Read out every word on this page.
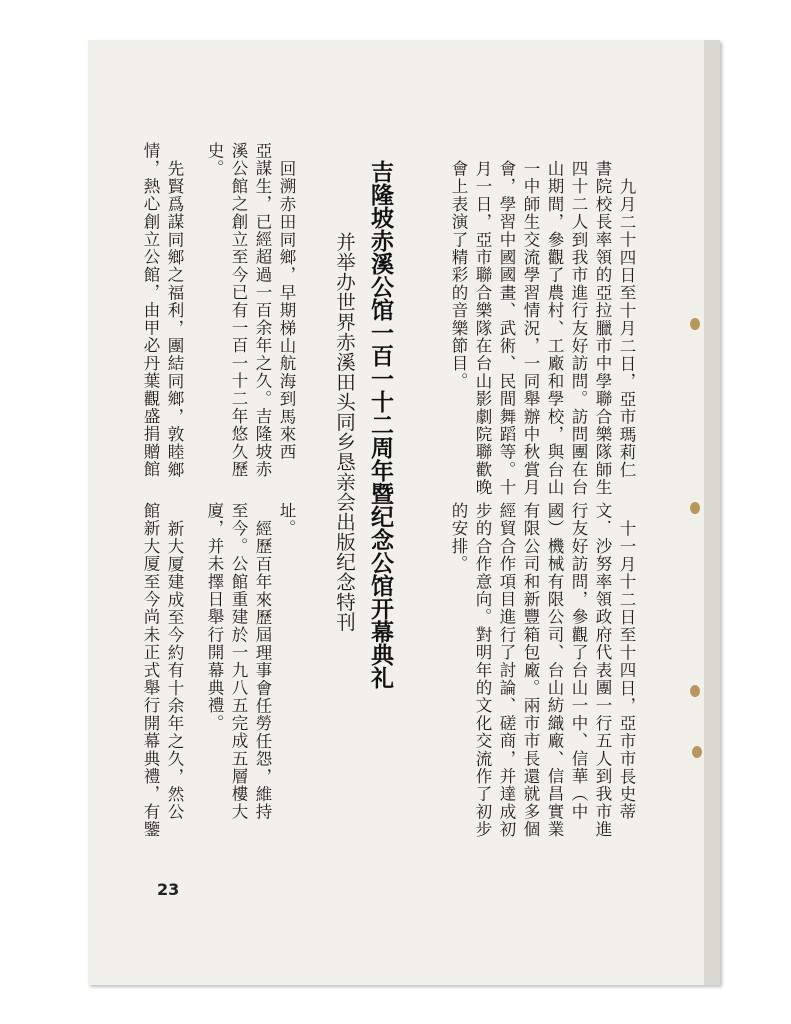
九月二十四日至十月二日，亞市瑪莉仁
書院校長率領的亞拉臘市中學聯合樂隊師生
四十二人到我市進行友好訪問。訪問團在台
山期間，參觀了農村、工廠和學校，與台山
一中師生交流學習情況，一同舉辦中秋賞月
會，學習中國國畫、武術、民間舞蹈等。十
月一日，亞市聯合樂隊在台山影劇院聯歡晚
會上表演了精彩的音樂節目。
十一月十二日至十四日，亞市市長史蒂
文．沙努率領政府代表團一行五人到我市進
行友好訪問，參觀了台山一中、信華（中
國）機械有限公司、台山紡織廠、信昌實業
有限公司和新豐箱包廠。兩市市長還就多個
經貿合作項目進行了討論、磋商，并達成初
步的合作意向。對明年的文化交流作了初步
的安排。
吉隆坡赤溪公馆一百一十二周年暨纪念公馆开幕典礼
并举办世界赤溪田头同乡恳亲会出版纪念特刊
回溯赤田同鄉，早期梯山航海到馬來西
亞謀生，已經超過一百余年之久。吉隆坡赤
溪公館之創立至今已有一百一十二年悠久歷
史。
址。
經歷百年來歷屆理事會任勞任怨，維持
至今。公館重建於一九八五完成五層樓大
廈，并未擇日舉行開幕典禮。
先賢爲謀同鄉之福利，團結同鄉，敦睦鄉
情，熱心創立公館，由甲必丹葉觀盛捐贈館
新大厦建成至今約有十余年之久，然公
館新大厦至今尚未正式舉行開幕典禮，有鑒
23
